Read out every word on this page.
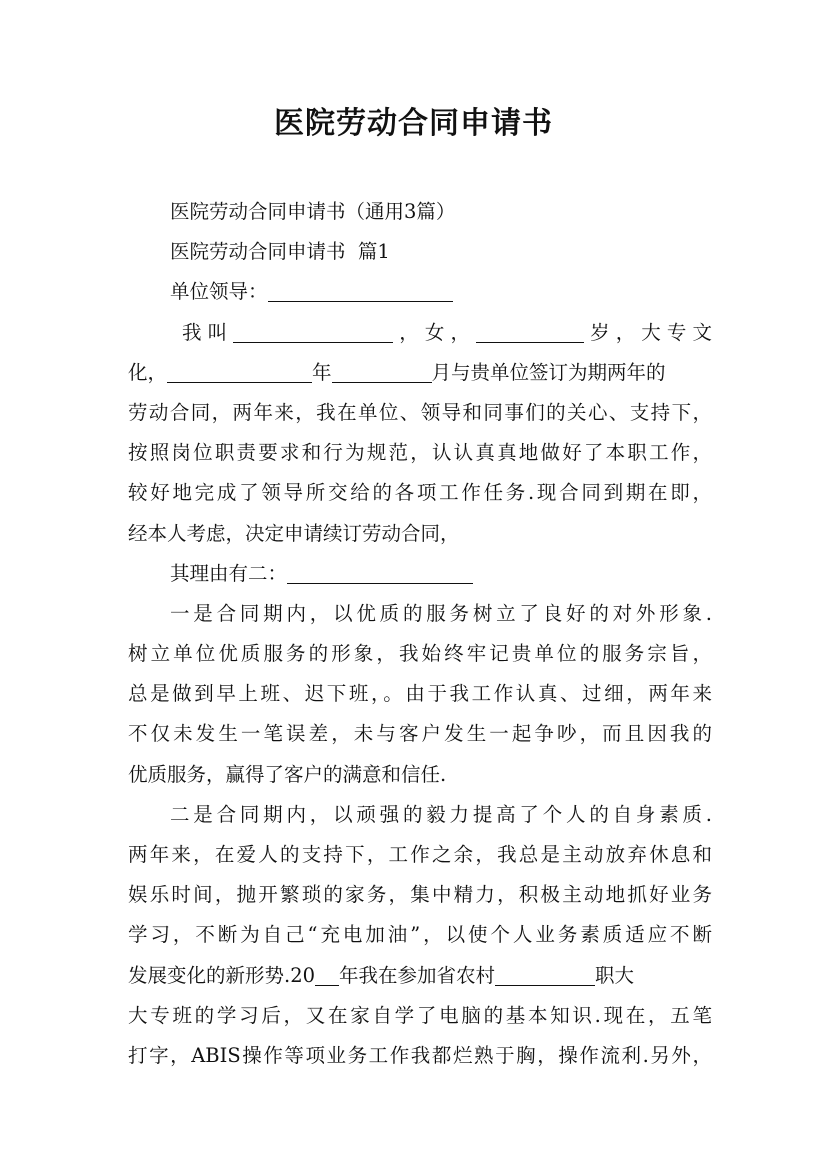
医院劳动合同申请书
医院劳动合同申请书（通用3篇）
医院劳动合同申请书  篇1
单位领导：
我叫	，女，	岁，大专文
化，	年	月与贵单位签订为期两年的
劳动合同，两年来，我在单位、领导和同事们的关心、支持下，
按照岗位职责要求和行为规范，认认真真地做好了本职工作，
较好地完成了领导所交给的各项工作任务.现合同到期在即，
经本人考虑，决定申请续订劳动合同，
其理由有二：
一是合同期内，以优质的服务树立了良好的对外形象.
树立单位优质服务的形象，我始终牢记贵单位的服务宗旨，
总是做到早上班、迟下班，。由于我工作认真、过细，两年来
不仅未发生一笔误差，未与客户发生一起争吵，而且因我的
优质服务，赢得了客户的满意和信任.
二是合同期内，以顽强的毅力提高了个人的自身素质.
两年来，在爱人的支持下，工作之余，我总是主动放弃休息和
娱乐时间，抛开繁琐的家务，集中精力，积极主动地抓好业务
学习，不断为自己“充电加油”，以使个人业务素质适应不断
发展变化的新形势.20 年我在参加省农村	职大
大专班的学习后，又在家自学了电脑的基本知识.现在，五笔
打字，ABIS操作等项业务工作我都烂熟于胸，操作流利.另外，
